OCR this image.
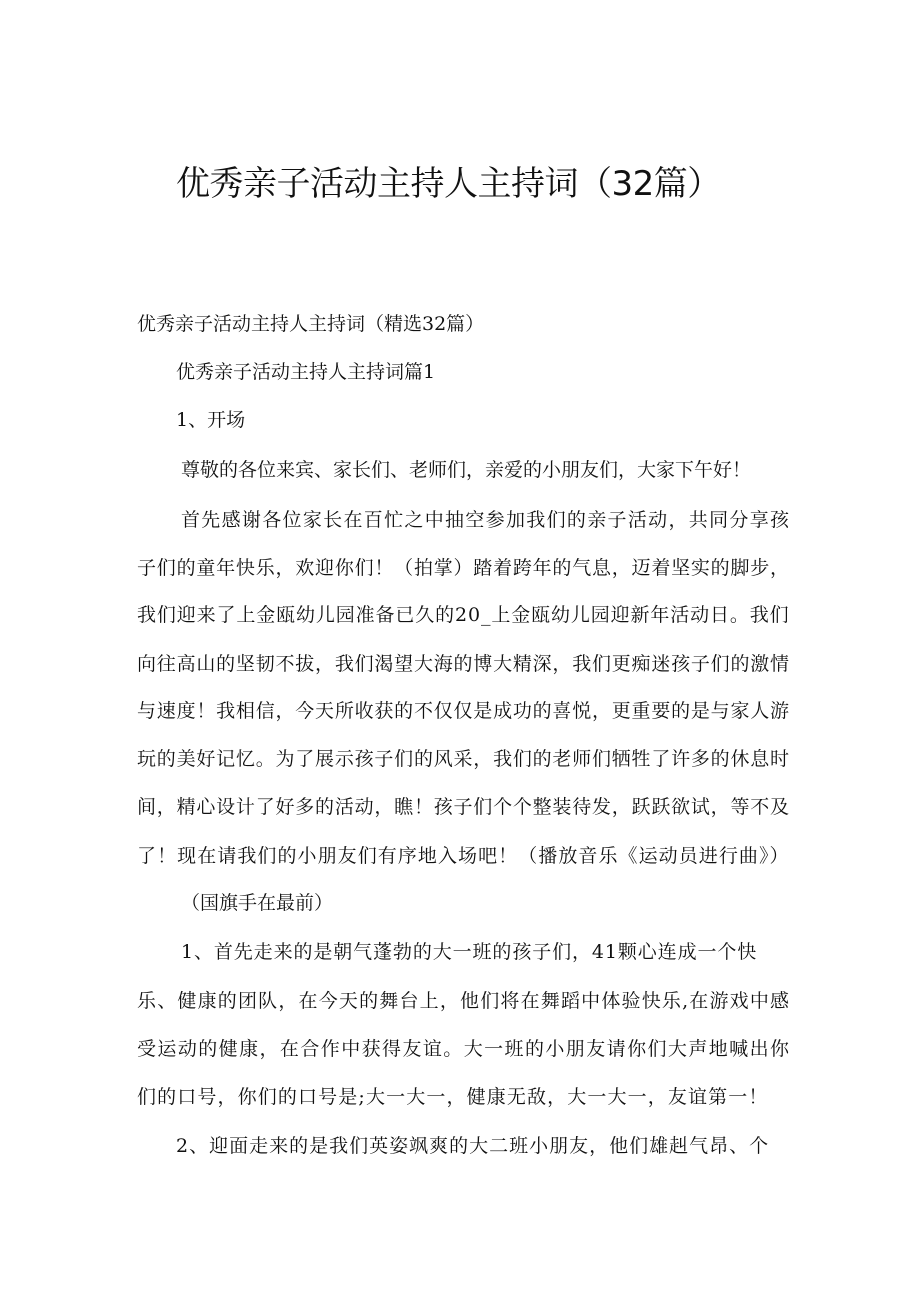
优秀亲子活动主持人主持词（32篇）
优秀亲子活动主持人主持词（精选32篇）
优秀亲子活动主持人主持词篇1
1、开场
尊敬的各位来宾、家长们、老师们，亲爱的小朋友们，大家下午好！
首先感谢各位家长在百忙之中抽空参加我们的亲子活动，共同分享孩
子们的童年快乐，欢迎你们！（拍掌）踏着跨年的气息，迈着坚实的脚步，
我们迎来了上金瓯幼儿园准备已久的20_上金瓯幼儿园迎新年活动日。我们
向往高山的坚韧不拔，我们渴望大海的博大精深，我们更痴迷孩子们的激情
与速度！我相信，今天所收获的不仅仅是成功的喜悦，更重要的是与家人游
玩的美好记忆。为了展示孩子们的风采，我们的老师们牺牲了许多的休息时
间，精心设计了好多的活动，瞧！孩子们个个整装待发，跃跃欲试，等不及
了！现在请我们的小朋友们有序地入场吧！（播放音乐《运动员进行曲》）
（国旗手在最前）
1、首先走来的是朝气蓬勃的大一班的孩子们，41颗心连成一个快
乐、健康的团队，在今天的舞台上，他们将在舞蹈中体验快乐,在游戏中感
受运动的健康，在合作中获得友谊。大一班的小朋友请你们大声地喊出你
们的口号，你们的口号是;大一大一，健康无敌，大一大一，友谊第一！
2、迎面走来的是我们英姿飒爽的大二班小朋友，他们雄赳气昂、个
